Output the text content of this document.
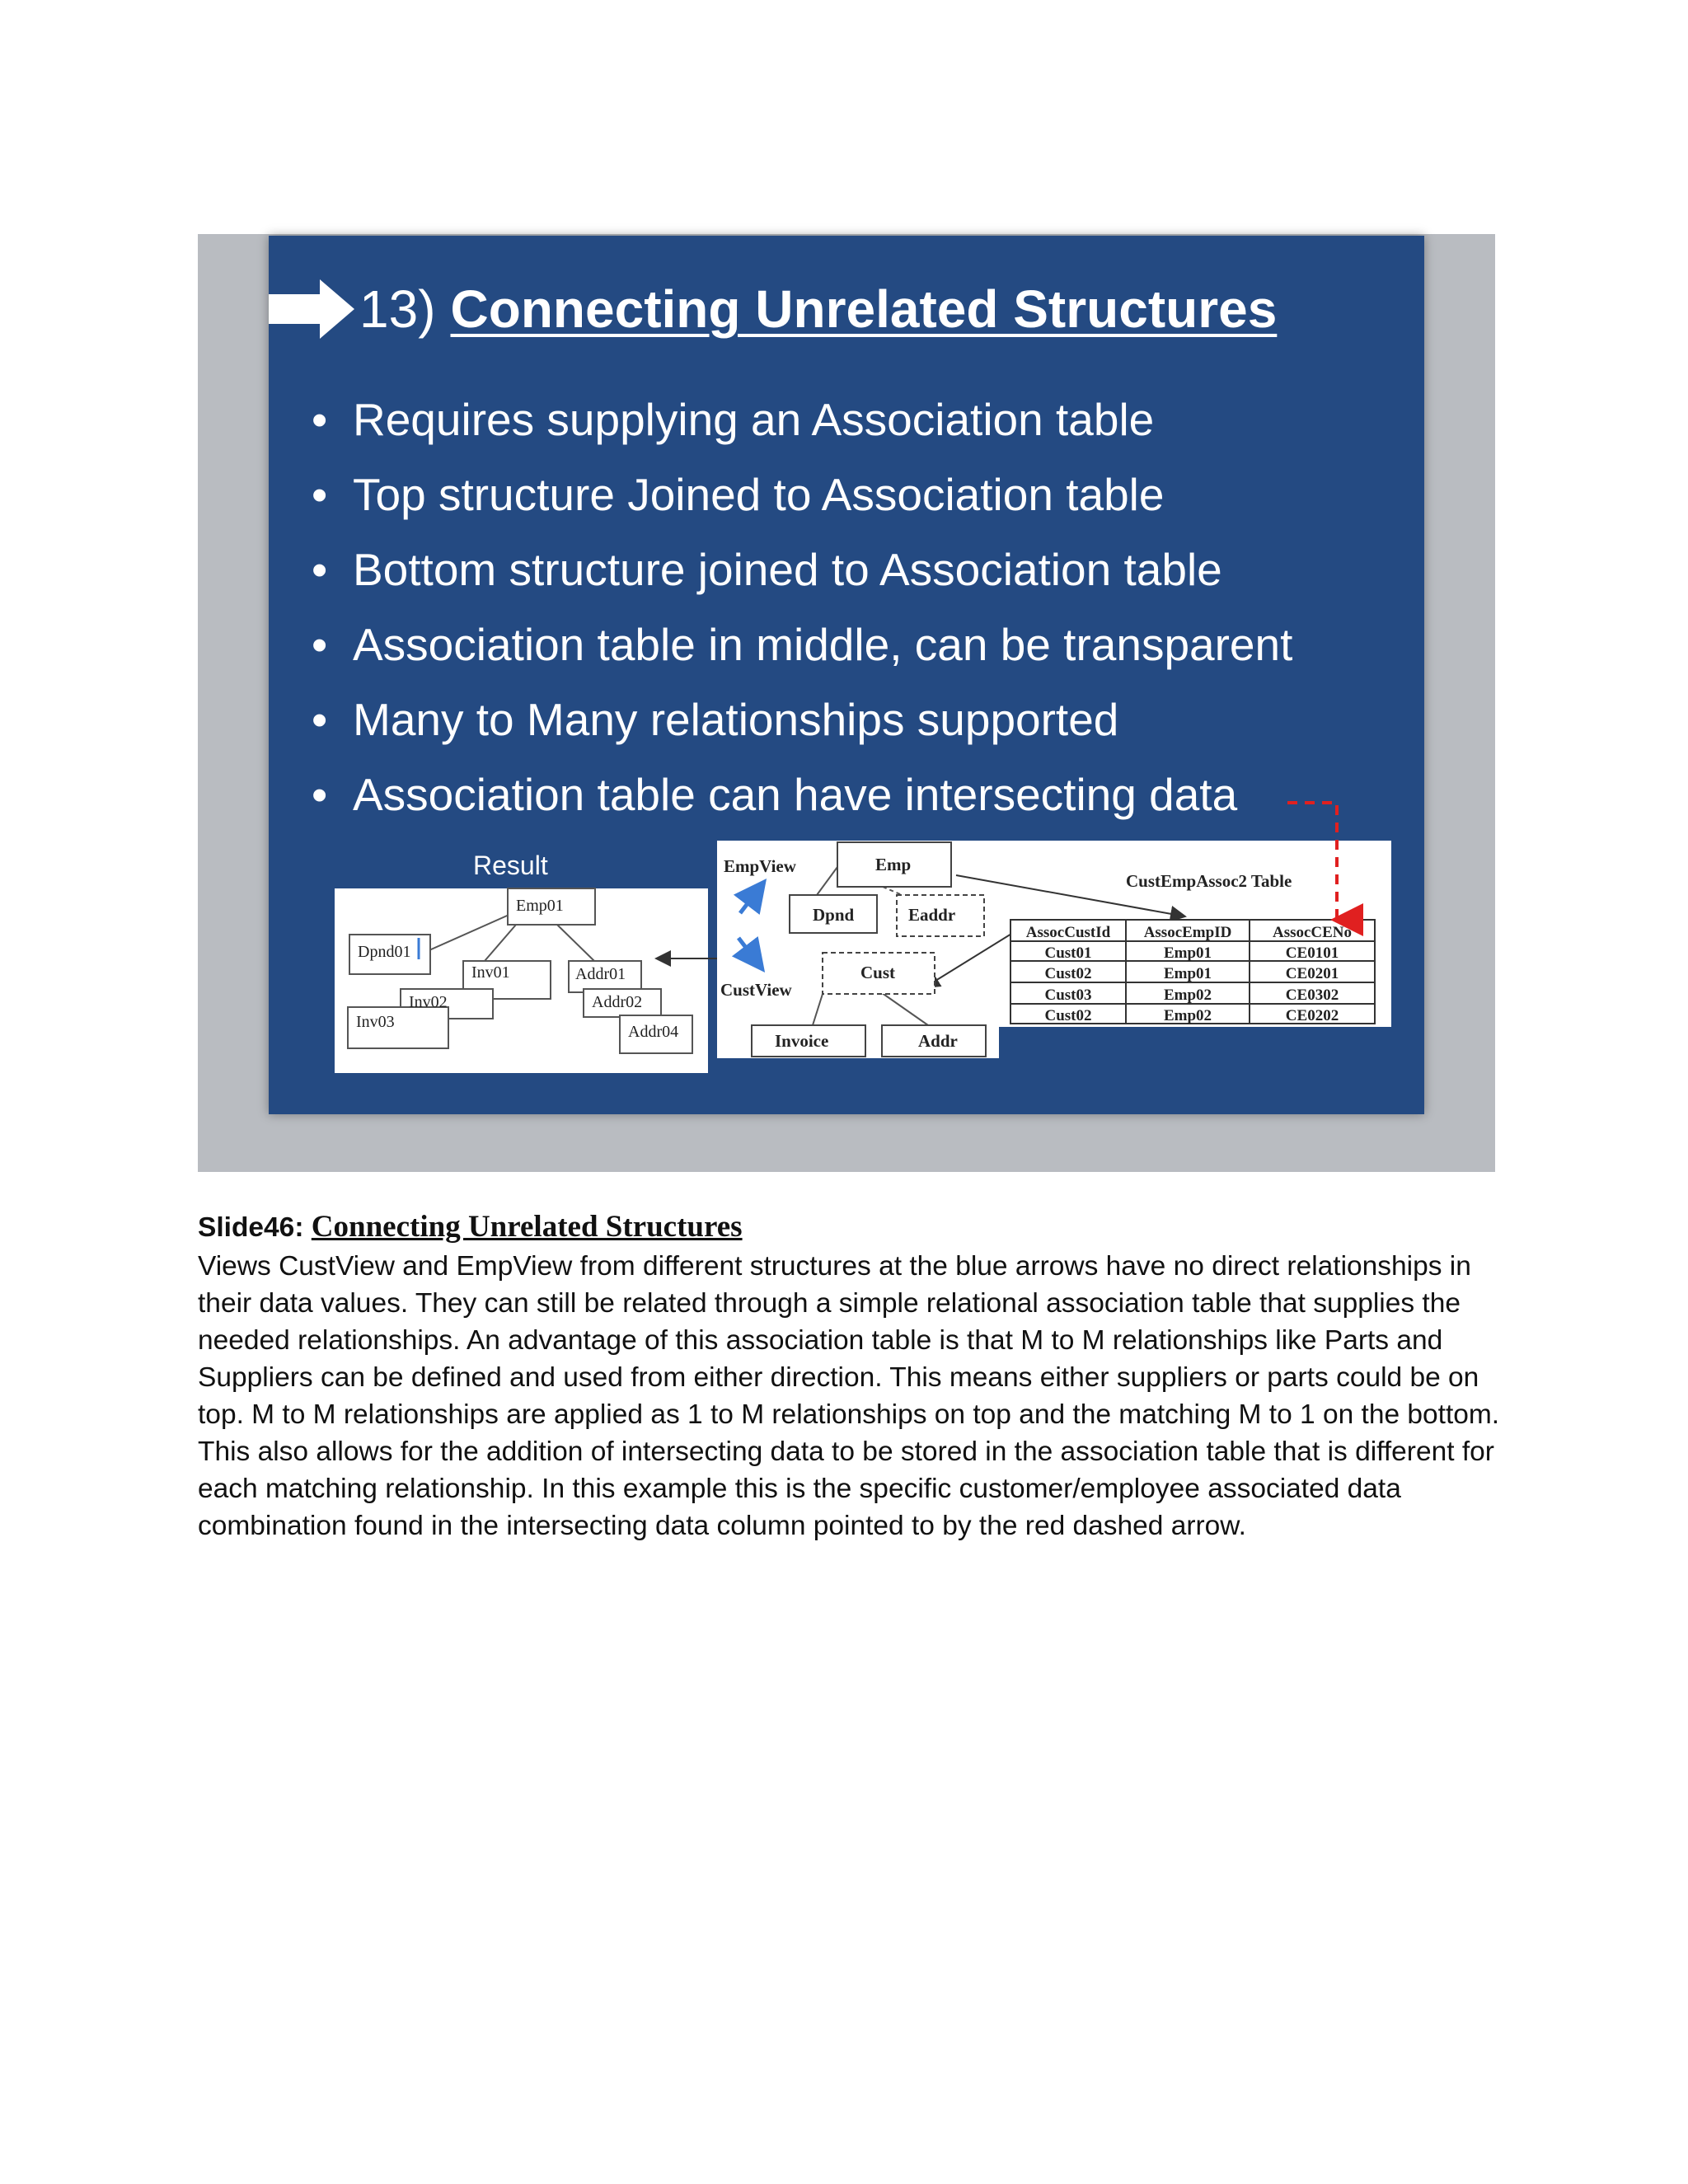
13) Connecting Unrelated Structures
• Requires supplying an Association table
• Top structure Joined to Association table
• Bottom structure joined to Association table
• Association table in middle, can be transparent
• Many to Many relationships supported
• Association table can have intersecting data
Result
Emp01
Dpnd01
Inv01
Inv02
Inv03
Addr01
Addr02
Addr04
EmpView
CustView
Emp
Dpnd	Eaddr
Cust
Invoice	Addr
CustEmpAssoc2 Table
AssocCustId AssocEmpID	AssocCENo
Cust01	Emp01	CE0101
Cust02	Emp01	CE0201
Cust03	Emp02	CE0302
Cust02	Emp02	CE0202
Slide46: Connecting Unrelated Structures

Views CustView and EmpView from different structures at the blue arrows have no direct relationships in their data values. They can still be related through a simple relational association table that supplies the needed relationships. An advantage of this association table is that M to M relationships like Parts and Suppliers can be defined and used from either direction. This means either suppliers or parts could be on top. M to M relationships are applied as 1 to M relationships on top and the matching M to 1 on the bottom. This also allows for the addition of intersecting data to be stored in the association table that is different for each matching relationship. In this example this is the specific customer/employee associated data combination found in the intersecting data column pointed to by the red dashed arrow.
